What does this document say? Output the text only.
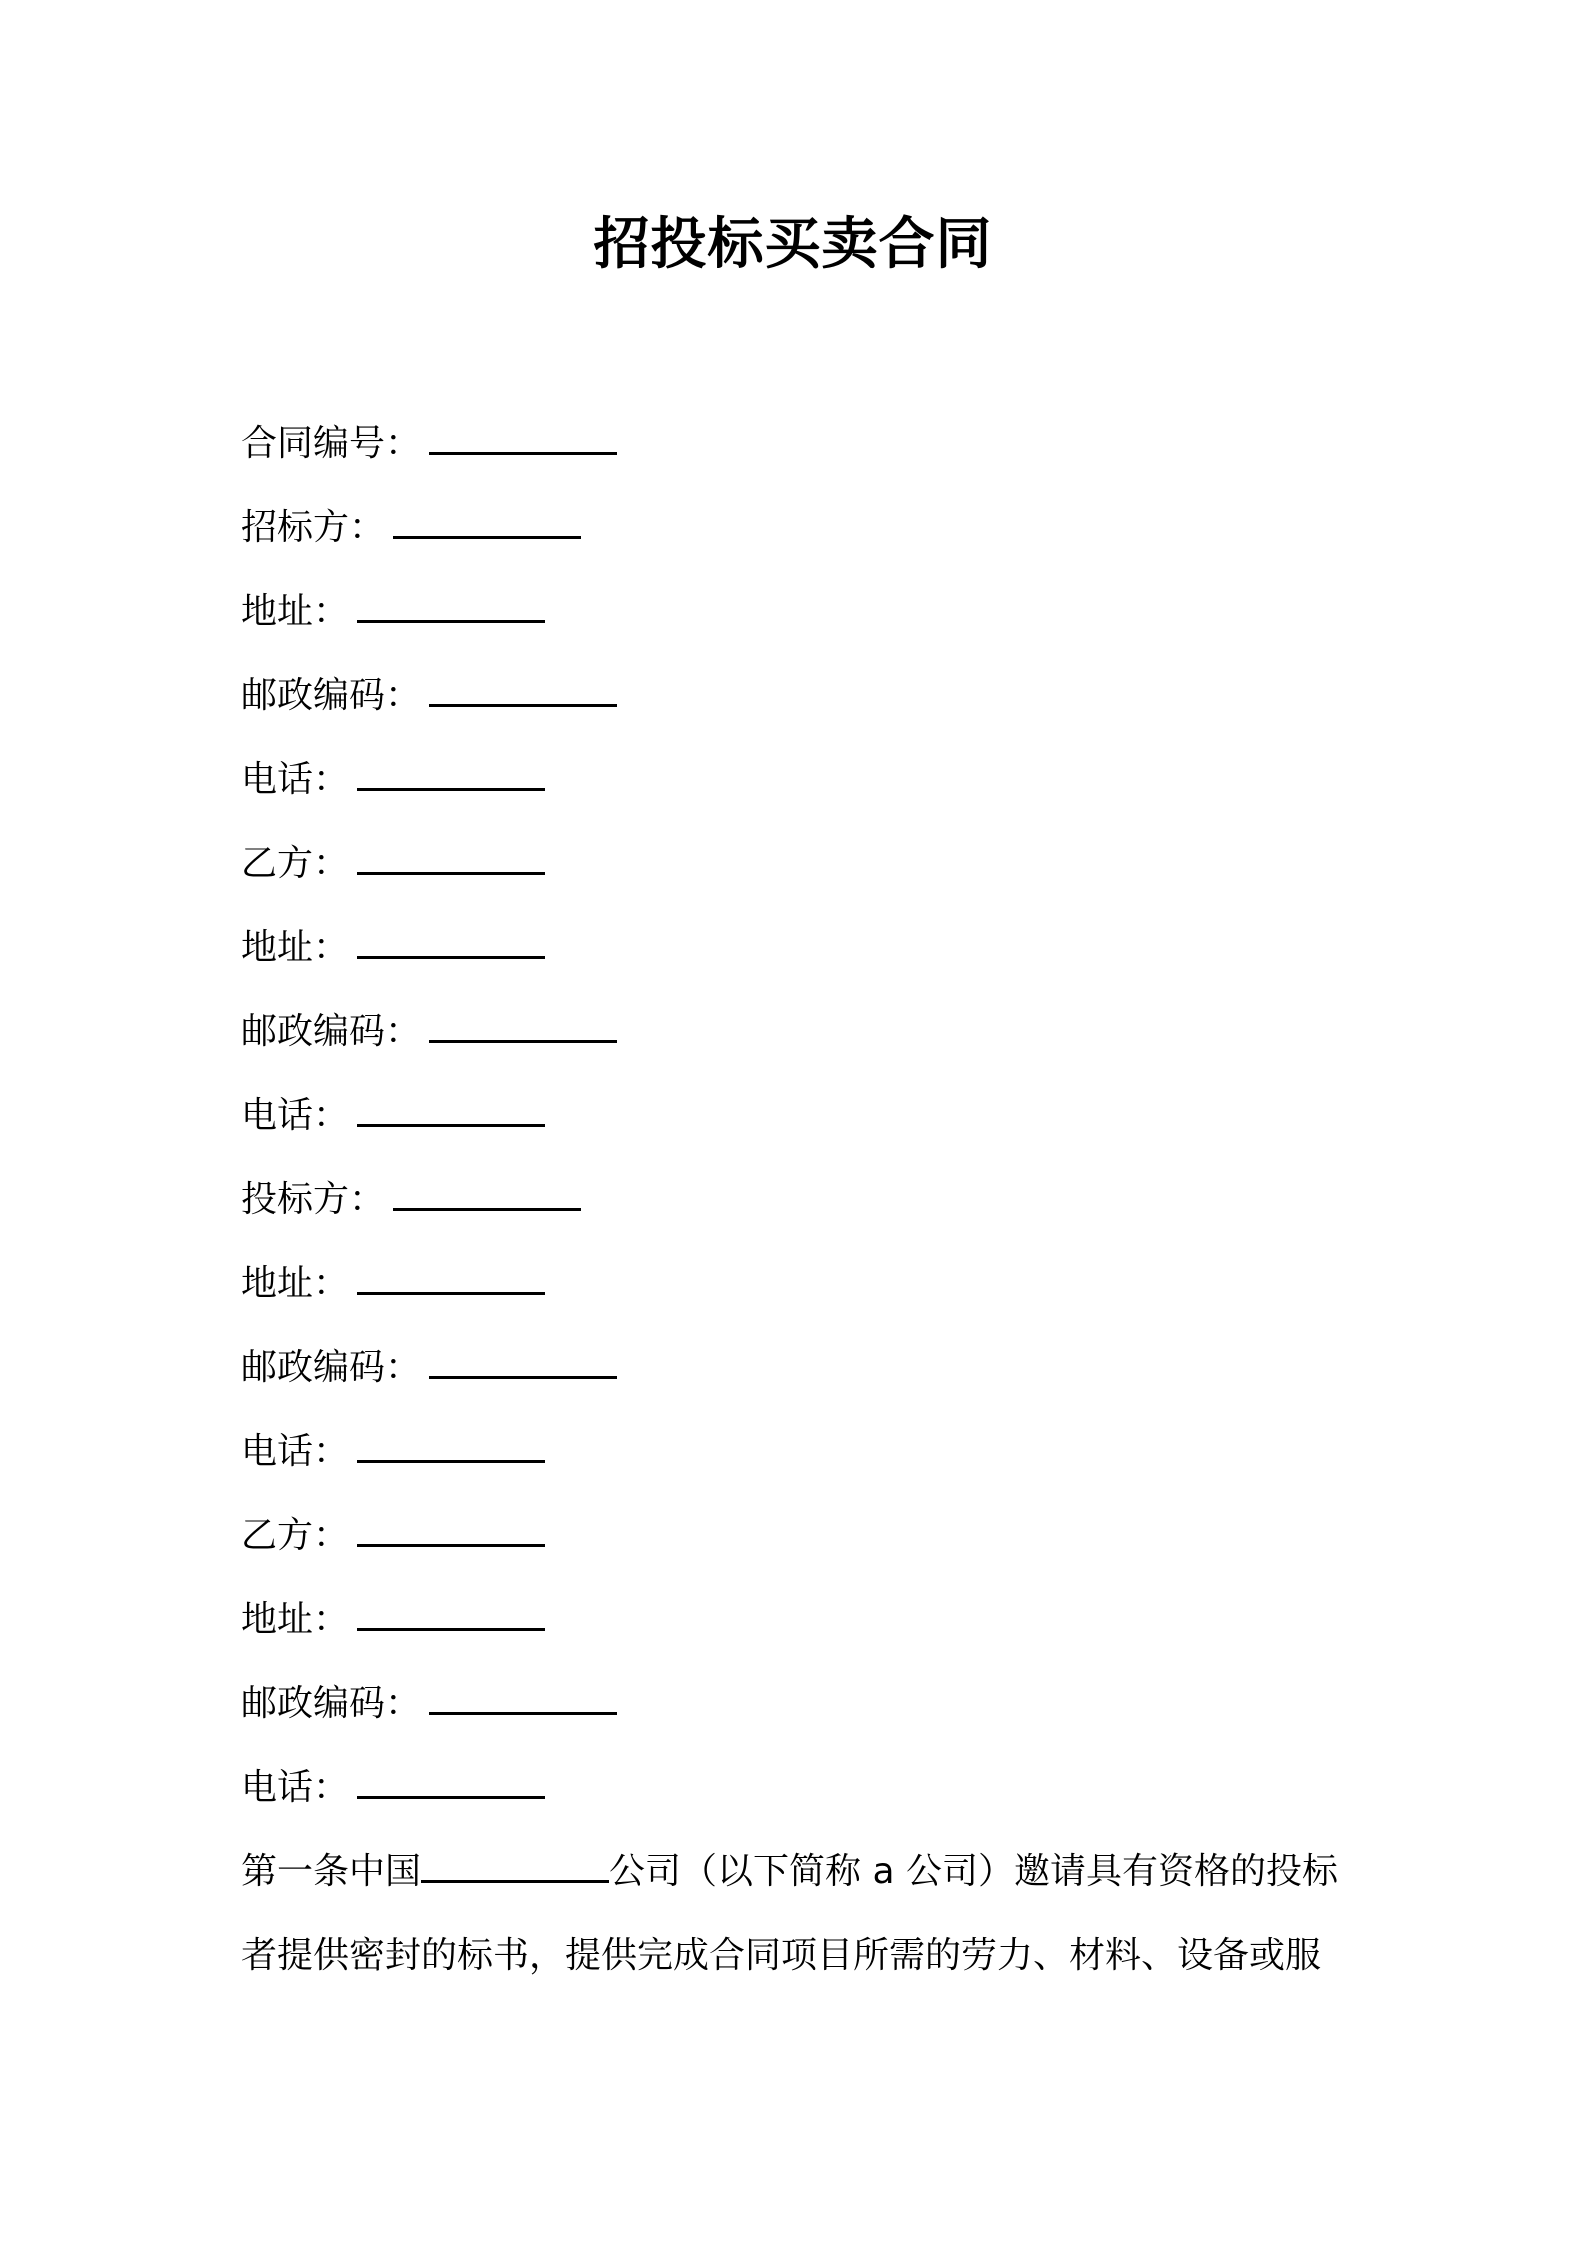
招投标买卖合同
合同编号：
招标方：
地址：
邮政编码：
电话：
乙方：
地址：
邮政编码：
电话：
投标方：
地址：
邮政编码：
电话：
乙方：
地址：
邮政编码：
电话：
第一条中国	公司（以下简称 a 公司）邀请具有资格的投标
者提供密封的标书，提供完成合同项目所需的劳力、材料、设备或服
